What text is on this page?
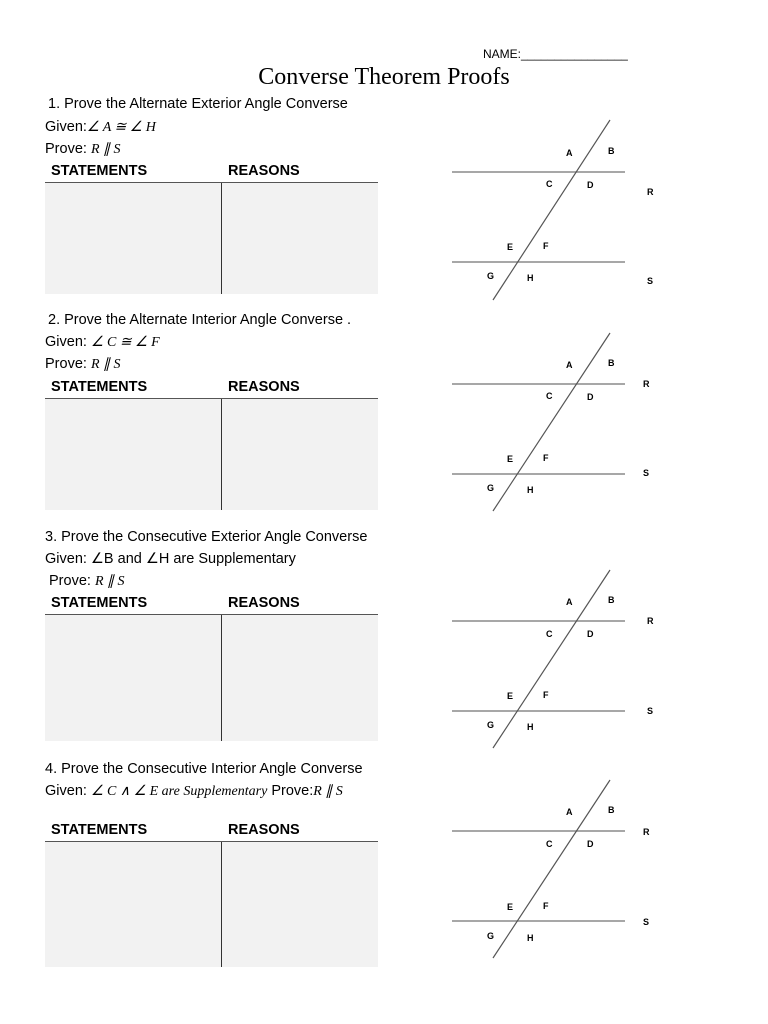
NAME:________________
Converse Theorem Proofs
1. Prove the Alternate Exterior Angle Converse
Given:∠ A ≅ ∠ H
Prove: R ∥ S
STATEMENTS	REASONS
A	B
C	D
E	F
G	H
R
S
2. Prove the Alternate Interior Angle Converse .
Given: ∠ C ≅ ∠ F
Prove: R ∥ S
STATEMENTS	REASONS
A	B
C	D
E	F
G	H
R
S
3. Prove the Consecutive Exterior Angle Converse
Given: ∠B and ∠H are Supplementary
Prove: R ∥ S
STATEMENTS	REASONS	A	B
C	D
E	F
G	H
R
S
4. Prove the Consecutive Interior Angle Converse
Given: ∠ C ∧ ∠ E are Supplementary Prove:R ∥ S
STATEMENTS	REASONS
A	B
C	D
E	F
G	H
R
S
